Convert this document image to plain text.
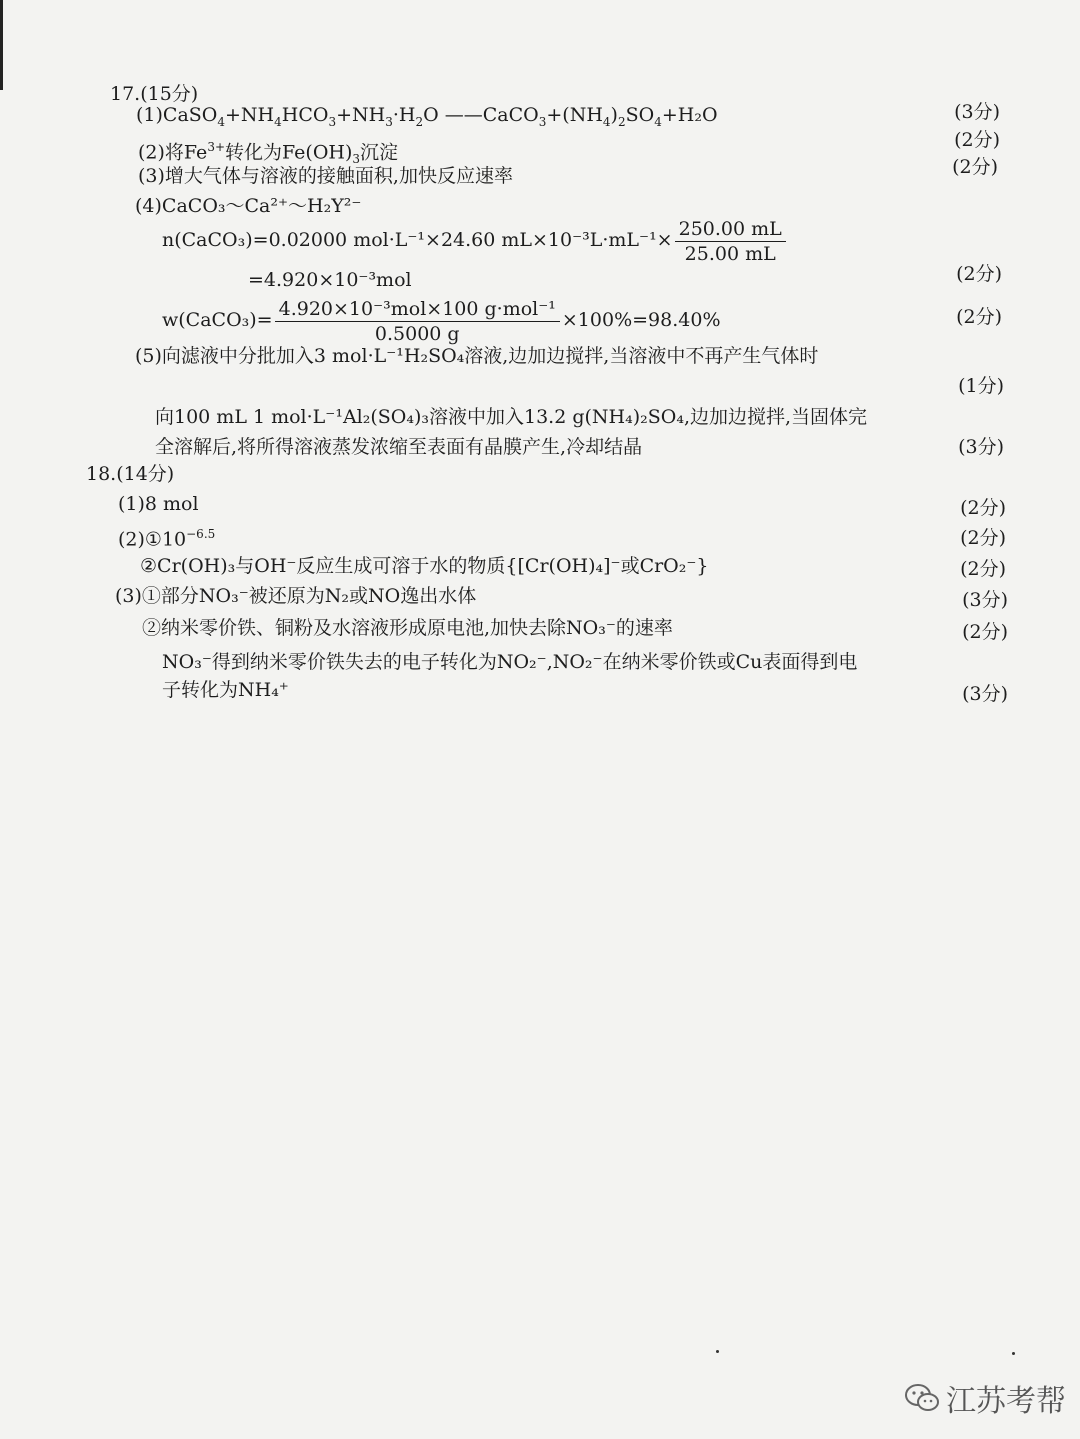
17.(15分)
$(1)CaSO_4+NH_4HCO_3+NH_3\cdot H_2O$ $——CaCO_3+(NH_4)_2SO_4+H_2O$	(3分)
(2)将$Fe^{3+}$转化为$Fe(OH)_3$沉淀
(2分)
(3)增大气体与溶液的接触面积,加快反应速率	(2分)
(4)CaCO₃～Ca²⁺～H₂Y²⁻
n(CaCO₃)=0.02000 mol·L⁻¹×24.60 $mL\times 10^{-3}L\cdot mL^{-1}\times \frac{250.00 mL}{25.00 mL}$
=4.920×10⁻³mol	(2分)
w(CaCO₃)= $\frac{\text{4.920×10⁻³mol×100 g·mol⁻¹}}{0.5000 g} \times 100\%=98.40\%$	(2分)
(5)向滤液中分批加入3 mol·L⁻¹H₂SO₄溶液,边加边搅拌,当溶液中不再产生气体时
(1分)
向100 mL 1 mol·L⁻¹Al₂(SO₄)₃溶液中加入13.2 g(NH₄)₂SO₄,边加边搅拌,当固体完
全溶解后,将所得溶液蒸发浓缩至表面有晶膜产生,冷却结晶	(3分)
18.(14分)
(1)8 mol	(2分)
$(2)①10^{-6.5}$	(2分)
②Cr(OH)₃与OH⁻反应生成可溶于水的物质{[Cr(OH)₄]⁻或CrO₂⁻}	(2分)
(3)①部分NO₃⁻被还原为N₂或NO逸出水体	(3分)
②纳米零价铁、铜粉及水溶液形成原电池,加快去除NO₃⁻的速率	(2分)
NO₃⁻得到纳米零价铁失去的电子转化为NO₂⁻,NO₂⁻在纳米零价铁或Cu表面得到电
子转化为NH₄⁺	(3分)
江苏考帮
